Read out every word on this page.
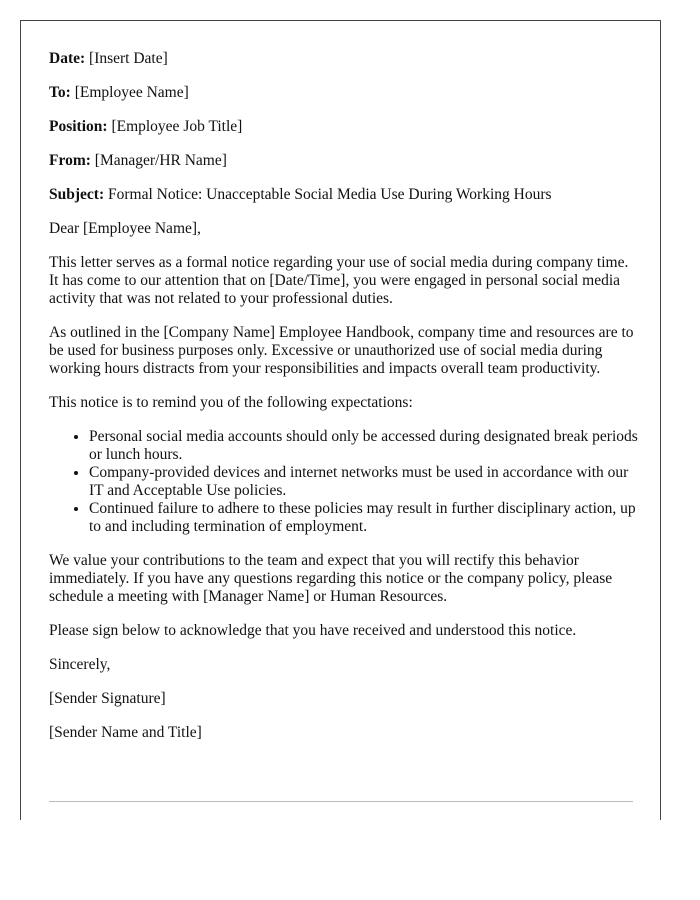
Date: [Insert Date]
To: [Employee Name]
Position: [Employee Job Title]
From: [Manager/HR Name]
Subject: Formal Notice: Unacceptable Social Media Use During Working Hours

Dear [Employee Name],

This letter serves as a formal notice regarding your use of social media during company time. It has come to our attention that on [Date/Time], you were engaged in personal social media activity that was not related to your professional duties.

As outlined in the [Company Name] Employee Handbook, company time and resources are to be used for business purposes only. Excessive or unauthorized use of social media during working hours distracts from your responsibilities and impacts overall team productivity.

This notice is to remind you of the following expectations:

• Personal social media accounts should only be accessed during designated break periods or lunch hours.
• Company-provided devices and internet networks must be used in accordance with our IT and Acceptable Use policies.
• Continued failure to adhere to these policies may result in further disciplinary action, up to and including termination of employment.

We value your contributions to the team and expect that you will rectify this behavior immediately. If you have any questions regarding this notice or the company policy, please schedule a meeting with [Manager Name] or Human Resources.

Please sign below to acknowledge that you have received and understood this notice.

Sincerely,

[Sender Signature]

[Sender Name and Title]
